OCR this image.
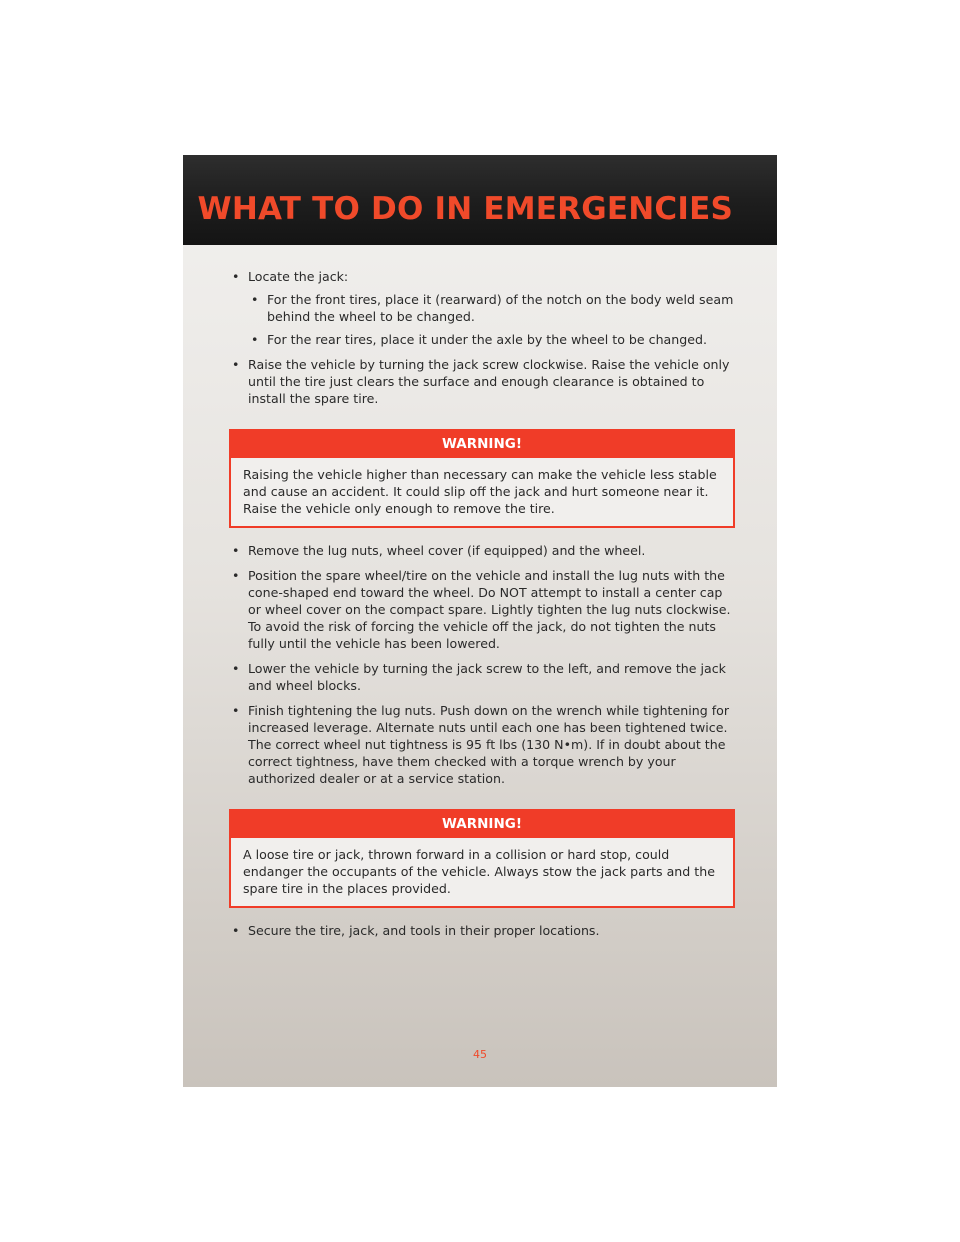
WHAT TO DO IN EMERGENCIES
• Locate the jack:
• For the front tires, place it (rearward) of the notch on the body weld seam behind the wheel to be changed.
• For the rear tires, place it under the axle by the wheel to be changed.
• Raise the vehicle by turning the jack screw clockwise. Raise the vehicle only until the tire just clears the surface and enough clearance is obtained to install the spare tire.
WARNING!
Raising the vehicle higher than necessary can make the vehicle less stable and cause an accident. It could slip off the jack and hurt someone near it. Raise the vehicle only enough to remove the tire.
• Remove the lug nuts, wheel cover (if equipped) and the wheel.
• Position the spare wheel/tire on the vehicle and install the lug nuts with the cone-shaped end toward the wheel. Do NOT attempt to install a center cap or wheel cover on the compact spare. Lightly tighten the lug nuts clockwise. To avoid the risk of forcing the vehicle off the jack, do not tighten the nuts fully until the vehicle has been lowered.
• Lower the vehicle by turning the jack screw to the left, and remove the jack and wheel blocks.
• Finish tightening the lug nuts. Push down on the wrench while tightening for increased leverage. Alternate nuts until each one has been tightened twice. The correct wheel nut tightness is 95 ft lbs (130 N•m). If in doubt about the correct tightness, have them checked with a torque wrench by your authorized dealer or at a service station.
WARNING!
A loose tire or jack, thrown forward in a collision or hard stop, could endanger the occupants of the vehicle. Always stow the jack parts and the spare tire in the places provided.
• Secure the tire, jack, and tools in their proper locations.
45
